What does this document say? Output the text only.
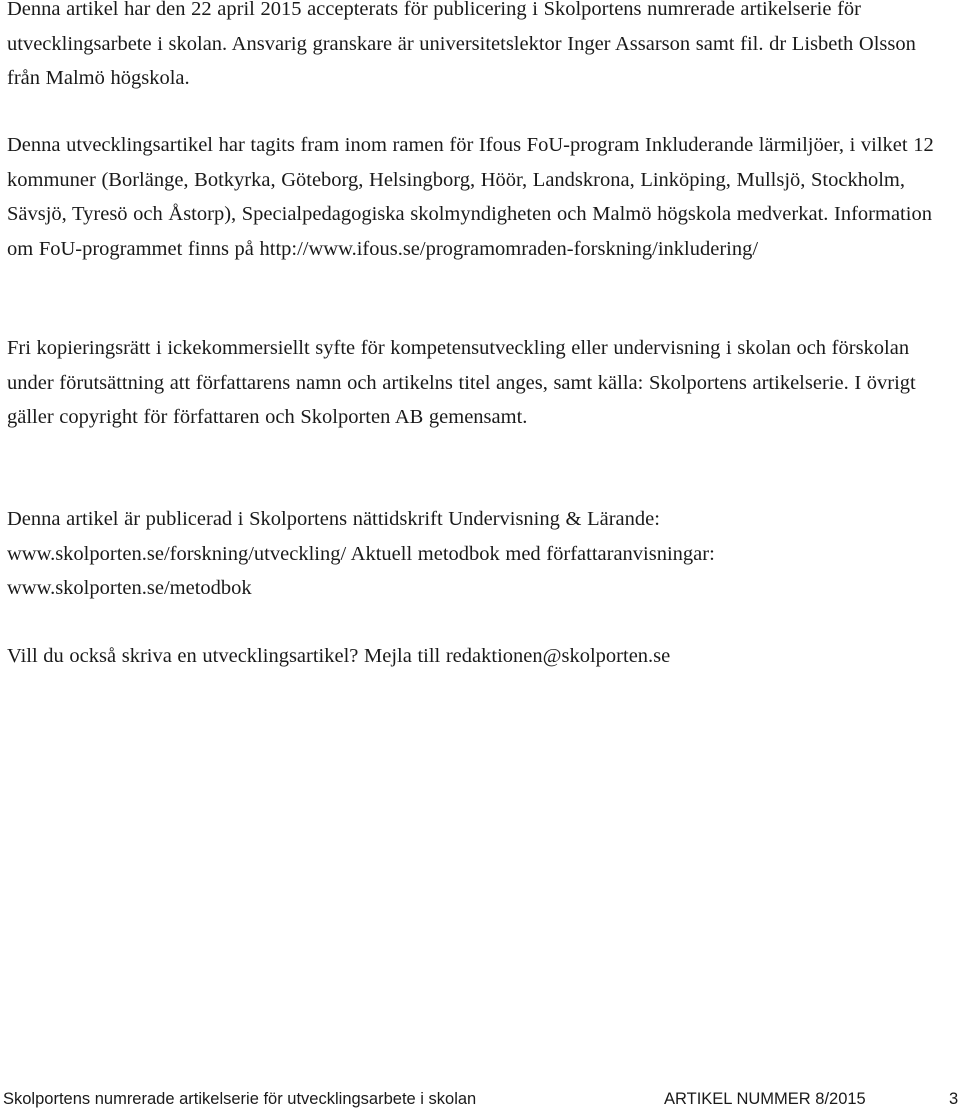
Denna artikel har den 22 april 2015 accepterats för publicering i Skolportens numrerade artikelserie för utvecklingsarbete i skolan. Ansvarig granskare är universitetslektor Inger Assarson samt fil. dr Lisbeth Olsson från Malmö högskola.

Denna utvecklingsartikel har tagits fram inom ramen för Ifous FoU-program Inkluderande lärmiljöer, i vilket 12 kommuner (Borlänge, Botkyrka, Göteborg, Helsingborg, Höör, Landskrona, Linköping, Mullsjö, Stockholm, Sävsjö, Tyresö och Åstorp), Specialpedagogiska skolmyndigheten och Malmö högskola medverkat. Information om FoU-programmet finns på http://www.ifous.se/programomraden-forskning/inkludering/

Fri kopieringsrätt i ickekommersiellt syfte för kompetensutveckling eller undervisning i skolan och förskolan under förutsättning att författarens namn och artikelns titel anges, samt källa: Skolportens artikelserie. I övrigt gäller copyright för författaren och Skolporten AB gemensamt.

Denna artikel är publicerad i Skolportens nättidskrift Undervisning & Lärande: www.skolporten.se/forskning/utveckling/ Aktuell metodbok med författaranvisningar: www.skolporten.se/metodbok

Vill du också skriva en utvecklingsartikel? Mejla till redaktionen@skolporten.se

Skolportens numrerade artikelserie för utvecklingsarbete i skolan	ARTIKEL NUMMER 8/2015	3
